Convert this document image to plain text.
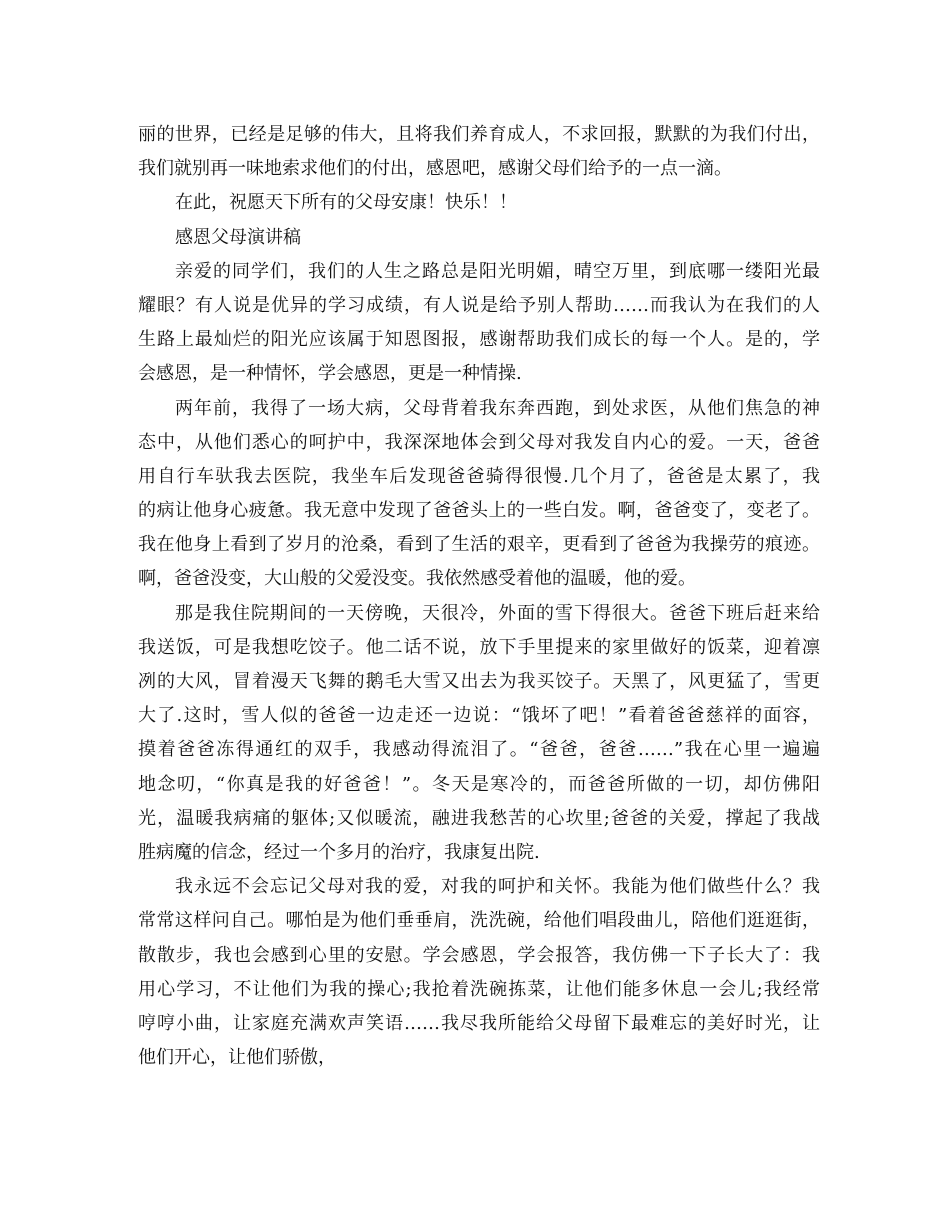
丽的世界，已经是足够的伟大，且将我们养育成人，不求回报，默默的为我们付出，
我们就别再一味地索求他们的付出，感恩吧，感谢父母们给予的一点一滴。
在此，祝愿天下所有的父母安康！快乐！！
感恩父母演讲稿
亲爱的同学们，我们的人生之路总是阳光明媚，晴空万里，到底哪一缕阳光最
耀眼？有人说是优异的学习成绩，有人说是给予别人帮助……而我认为在我们的人
生路上最灿烂的阳光应该属于知恩图报，感谢帮助我们成长的每一个人。是的，学
会感恩，是一种情怀，学会感恩，更是一种情操.
两年前，我得了一场大病，父母背着我东奔西跑，到处求医，从他们焦急的神
态中，从他们悉心的呵护中，我深深地体会到父母对我发自内心的爱。一天，爸爸
用自行车驮我去医院，我坐车后发现爸爸骑得很慢.几个月了，爸爸是太累了，我
的病让他身心疲惫。我无意中发现了爸爸头上的一些白发。啊，爸爸变了，变老了。
我在他身上看到了岁月的沧桑，看到了生活的艰辛，更看到了爸爸为我操劳的痕迹。
啊，爸爸没变，大山般的父爱没变。我依然感受着他的温暖，他的爱。
那是我住院期间的一天傍晚，天很冷，外面的雪下得很大。爸爸下班后赶来给
我送饭，可是我想吃饺子。他二话不说，放下手里提来的家里做好的饭菜，迎着凛
冽的大风，冒着漫天飞舞的鹅毛大雪又出去为我买饺子。天黑了，风更猛了，雪更
大了.这时，雪人似的爸爸一边走还一边说：“饿坏了吧！”看着爸爸慈祥的面容，
摸着爸爸冻得通红的双手，我感动得流泪了。“爸爸，爸爸……”我在心里一遍遍
地念叨，“你真是我的好爸爸！”。冬天是寒冷的，而爸爸所做的一切，却仿佛阳
光，温暖我病痛的躯体;又似暖流，融进我愁苦的心坎里;爸爸的关爱，撑起了我战
胜病魔的信念，经过一个多月的治疗，我康复出院.
我永远不会忘记父母对我的爱，对我的呵护和关怀。我能为他们做些什么？我
常常这样问自己。哪怕是为他们垂垂肩，洗洗碗，给他们唱段曲儿，陪他们逛逛街，
散散步，我也会感到心里的安慰。学会感恩，学会报答，我仿佛一下子长大了：我
用心学习，不让他们为我的操心;我抢着洗碗拣菜，让他们能多休息一会儿;我经常
哼哼小曲，让家庭充满欢声笑语……我尽我所能给父母留下最难忘的美好时光，让
他们开心，让他们骄傲，
